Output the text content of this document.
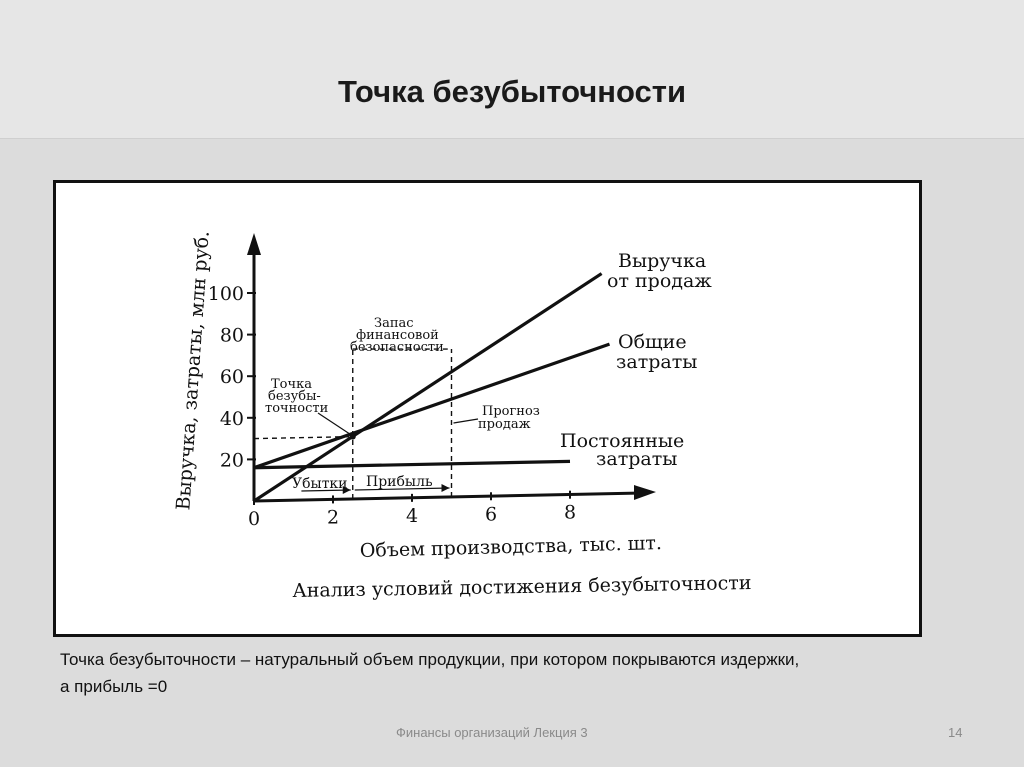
Точка безубыточности
20
40
60
80
100
0	2	4	6	8
Выручка, затраты, млн руб.
Объем производства, тыс. шт.
Анализ условий достижения безубыточности
Выручка
от продаж
Общие
затраты
Постоянные
затраты
Точка
безубы-
точности
Запас
финансовой
безопасности
Прогноз
продаж
Убытки Прибыль
Точка безубыточности – натуральный объем продукции, при котором покрываются издержки,
а прибыль =0
Финансы организаций Лекция 3	14
